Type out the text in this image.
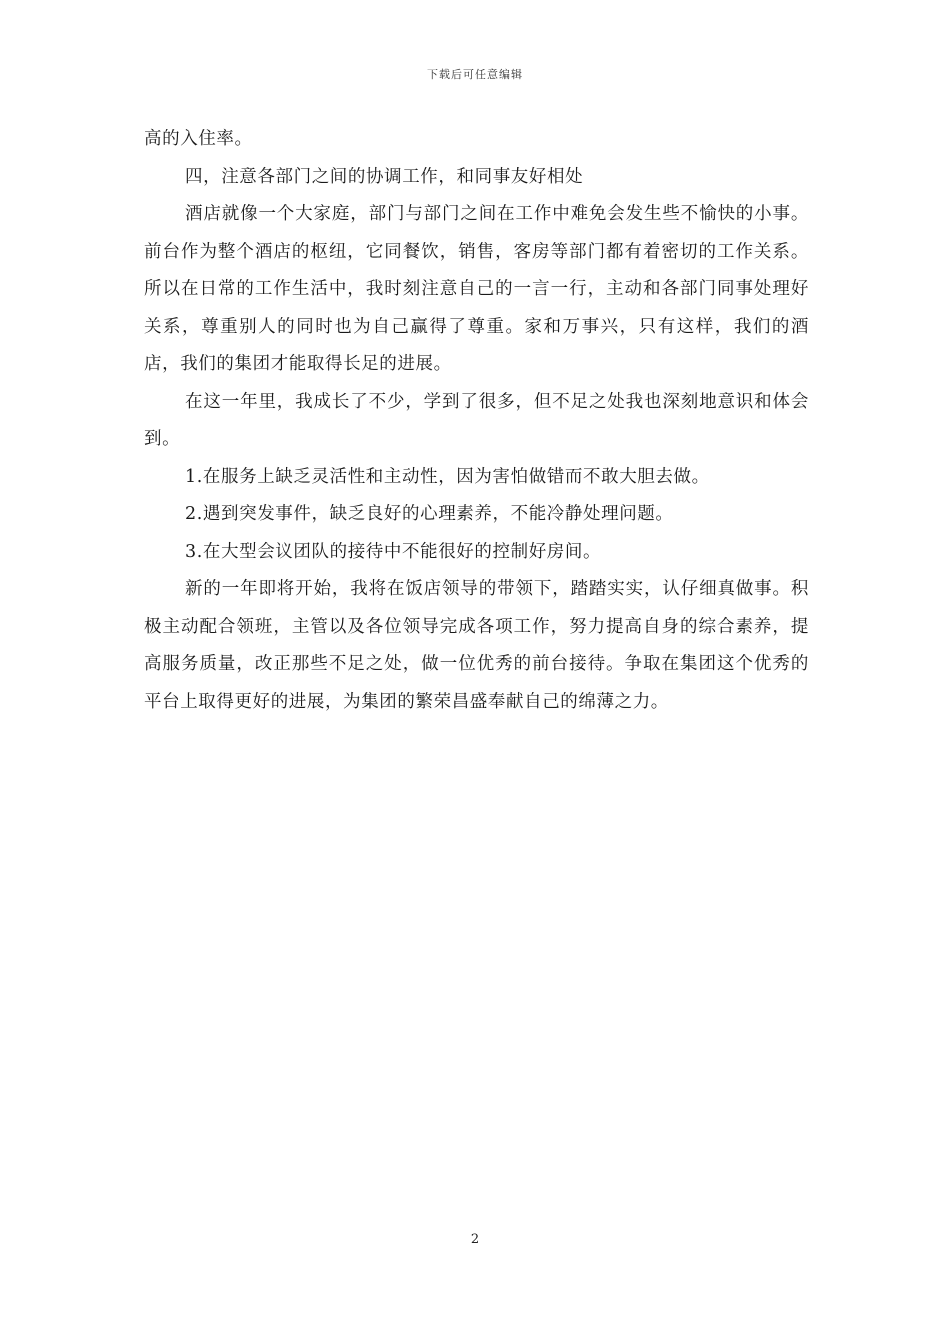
下载后可任意编辑

高的入住率。

四，注意各部门之间的协调工作，和同事友好相处

酒店就像一个大家庭，部门与部门之间在工作中难免会发生些不愉快的小事。前台作为整个酒店的枢纽，它同餐饮，销售，客房等部门都有着密切的工作关系。所以在日常的工作生活中，我时刻注意自己的一言一行，主动和各部门同事处理好关系，尊重别人的同时也为自己赢得了尊重。家和万事兴，只有这样，我们的酒店，我们的集团才能取得长足的进展。

在这一年里，我成长了不少，学到了很多，但不足之处我也深刻地意识和体会到。

1.在服务上缺乏灵活性和主动性，因为害怕做错而不敢大胆去做。

2.遇到突发事件，缺乏良好的心理素养，不能冷静处理问题。

3.在大型会议团队的接待中不能很好的控制好房间。

新的一年即将开始，我将在饭店领导的带领下，踏踏实实，认仔细真做事。积极主动配合领班，主管以及各位领导完成各项工作，努力提高自身的综合素养，提高服务质量，改正那些不足之处，做一位优秀的前台接待。争取在集团这个优秀的平台上取得更好的进展，为集团的繁荣昌盛奉献自己的绵薄之力。

2
